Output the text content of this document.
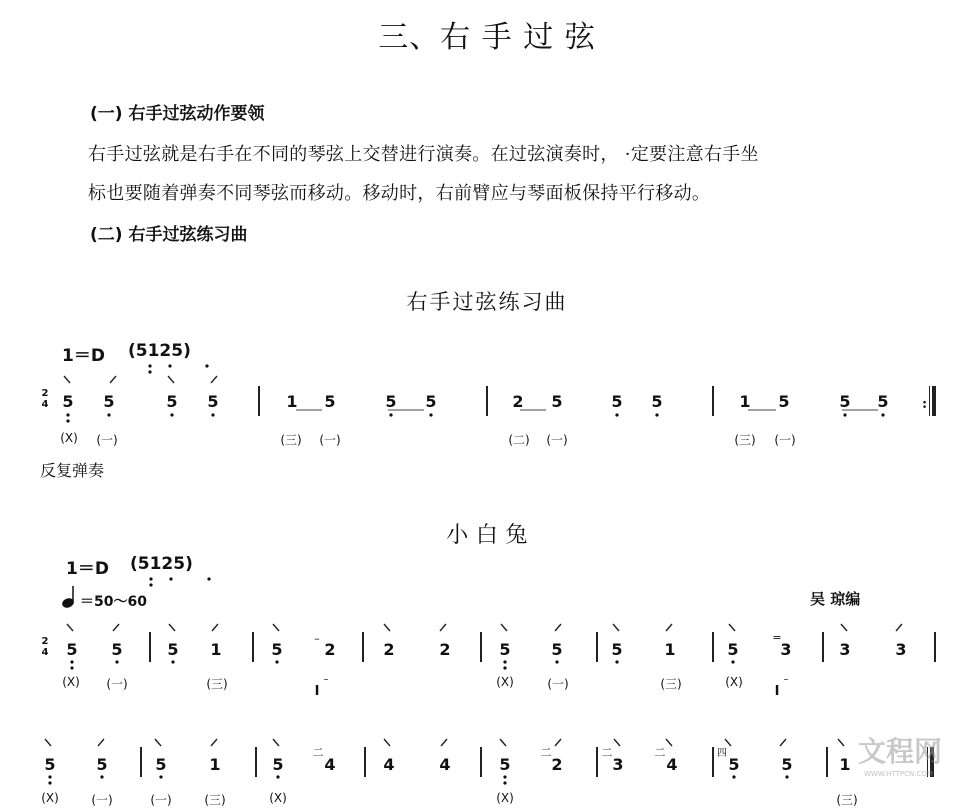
三、右 手 过 弦
(一) 右手过弦动作要领
右手过弦就是右手在不同的琴弦上交替进行演奏。在过弦演奏时， ·定要注意右手坐
标也要随着弹奏不同琴弦而移动。移动时，右前臂应与琴面板保持平行移动。
(二) 右手过弦练习曲
右手过弦练习曲
1＝D (5125)
2
4 5 5	5 5	1 5	5 5	2 5	5 5	1 5	5 5 :
(X)	(一)	(三) (一)	(二) (一)	(三) (一)
反复弹奏
小 白 兔
1＝D (5125)
＝50～60	吴 琼编
2
4 5 5	5 1	5	2	2	2	5	5	5	1	5	3	3	3
–	=
(X)	(一)	(三)	(X)	(一)	(三)	(X)
I	I
–	–
5	5	5	1	5
二
4	4	4	5
二
2
二
3
二
4
四
5	5	1
(X)	(一)	(一)	(三)	(X)	(X)	(三)
文程网
WWW.HTTPCN.COM
